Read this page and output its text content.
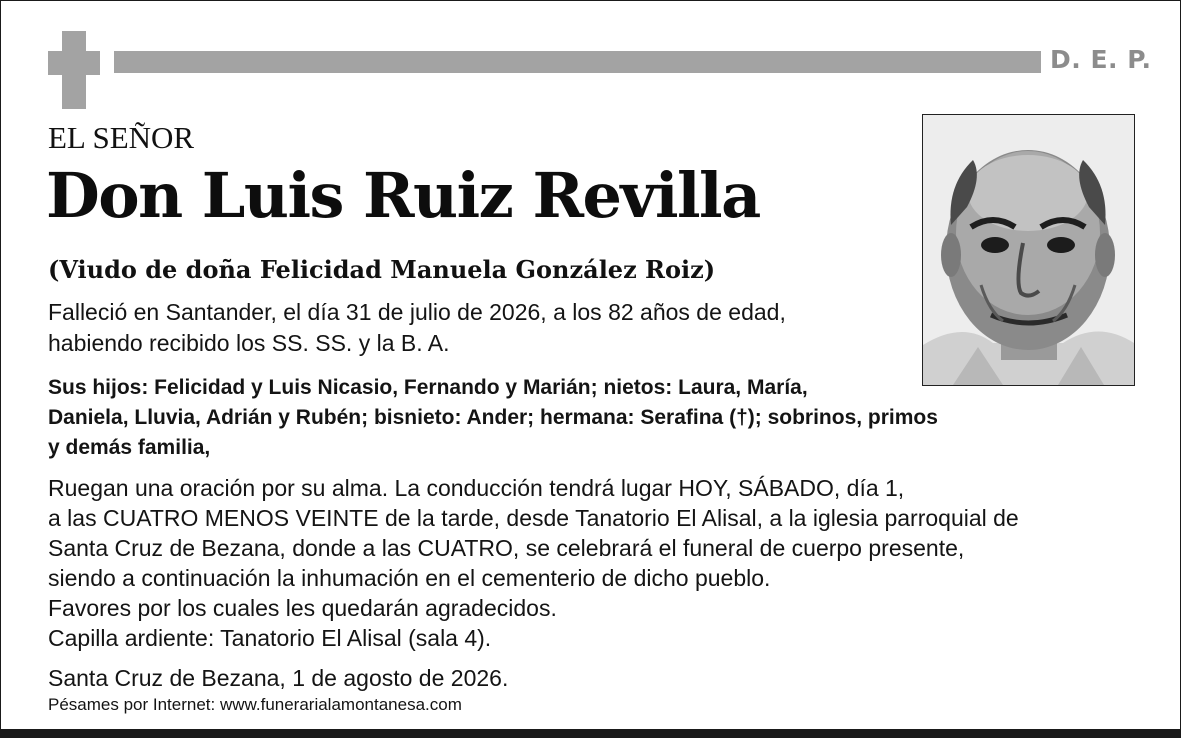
D. E. P.
EL SEÑOR
Don Luis Ruiz Revilla
(Viudo de doña Felicidad Manuela González Roiz)
Falleció en Santander, el día 31 de julio de 2026, a los 82 años de edad,
habiendo recibido los SS. SS. y la B. A.
Sus hijos: Felicidad y Luis Nicasio, Fernando y Marián; nietos: Laura, María,
Daniela, Lluvia, Adrián y Rubén; bisnieto: Ander; hermana: Serafina (†); sobrinos, primos
y demás familia,
Ruegan una oración por su alma. La conducción tendrá lugar HOY, SÁBADO, día 1,
a las CUATRO MENOS VEINTE de la tarde, desde Tanatorio El Alisal, a la iglesia parroquial de
Santa Cruz de Bezana, donde a las CUATRO, se celebrará el funeral de cuerpo presente,
siendo a continuación la inhumación en el cementerio de dicho pueblo.
Favores por los cuales les quedarán agradecidos.
Capilla ardiente: Tanatorio El Alisal (sala 4).
Santa Cruz de Bezana, 1 de agosto de 2026.
Pésames por Internet: www.funerarialamontanesa.com
